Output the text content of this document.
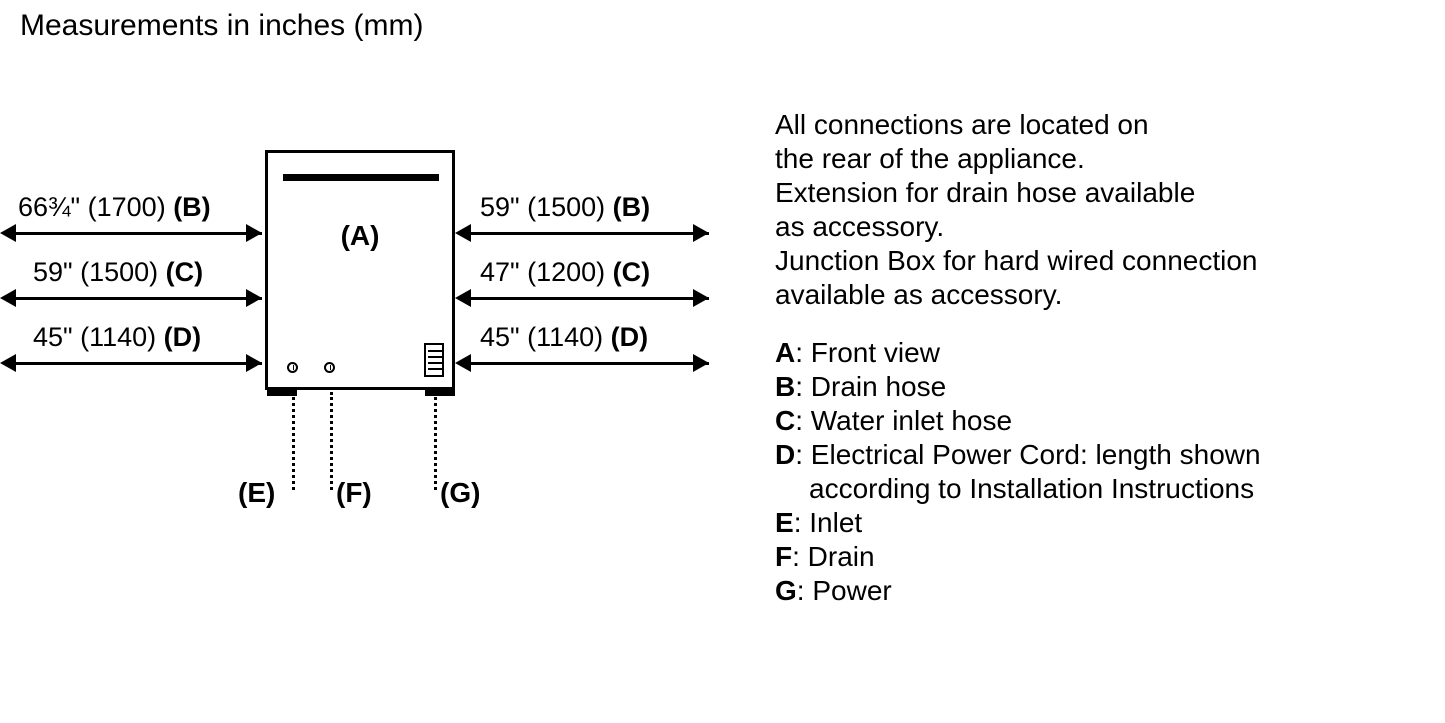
Measurements in inches (mm)
(A)
66¾" (1700) (B)
59" (1500) (C)
45" (1140) (D)
59" (1500) (B)
47" (1200) (C)
45" (1140) (D)
(E) (F) (G)
All connections are located on
the rear of the appliance.
Extension for drain hose available
as accessory.
Junction Box for hard wired connection
available as accessory.
A: Front view
B: Drain hose
C: Water inlet hose
D: Electrical Power Cord: length shown
according to Installation Instructions
E: Inlet
F: Drain
G: Power
